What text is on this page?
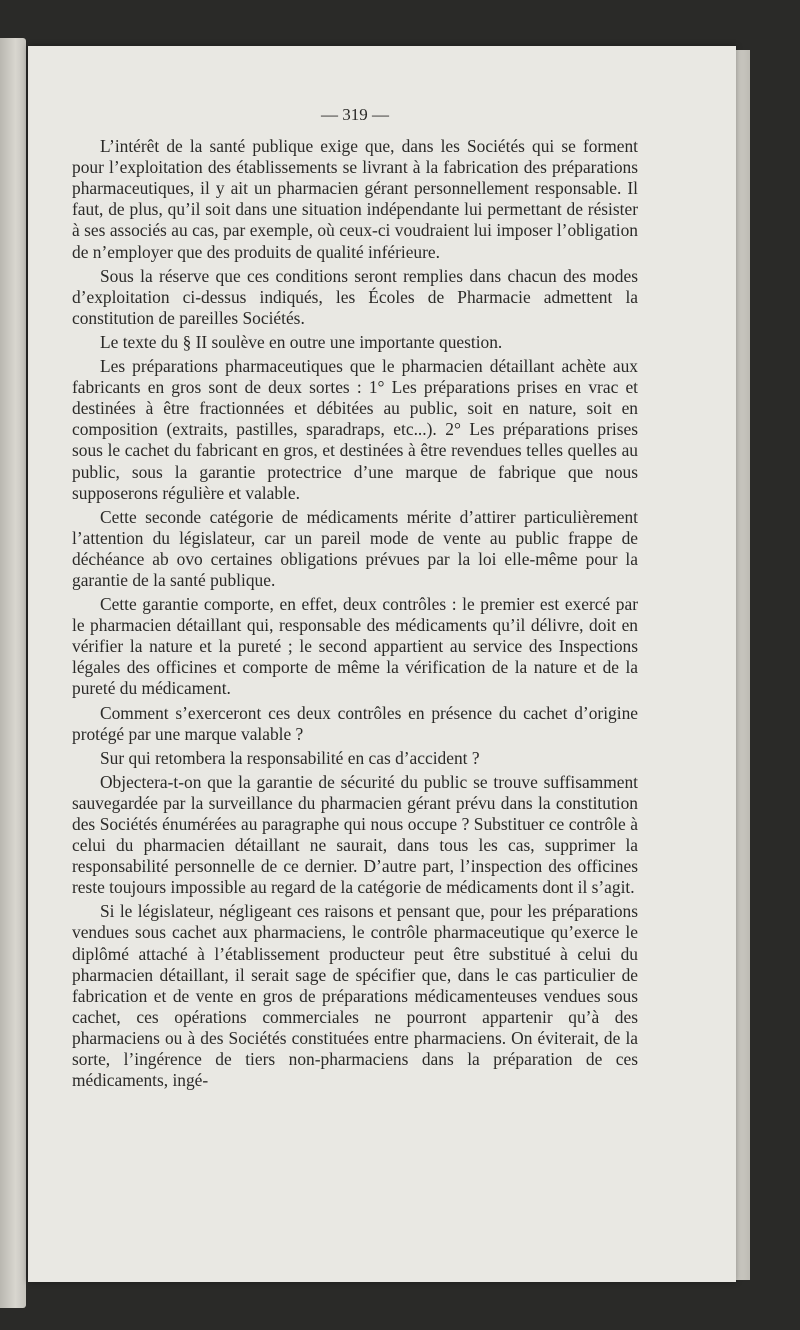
— 319 —

L’intérêt de la santé publique exige que, dans les Sociétés qui se forment pour l’exploitation des établissements se livrant à la fabrication des préparations pharmaceutiques, il y ait un pharmacien gérant personnellement responsable. Il faut, de plus, qu’il soit dans une situation indépendante lui permettant de résister à ses associés au cas, par exemple, où ceux-ci voudraient lui imposer l’obligation de n’employer que des produits de qualité inférieure.

Sous la réserve que ces conditions seront remplies dans chacun des modes d’exploitation ci-dessus indiqués, les Écoles de Pharmacie admettent la constitution de pareilles Sociétés.

Le texte du § II soulève en outre une importante question.

Les préparations pharmaceutiques que le pharmacien détaillant achète aux fabricants en gros sont de deux sortes : 1° Les préparations prises en vrac et destinées à être fractionnées et débitées au public, soit en nature, soit en composition (extraits, pastilles, sparadraps, etc...). 2° Les préparations prises sous le cachet du fabricant en gros, et destinées à être revendues telles quelles au public, sous la garantie protectrice d’une marque de fabrique que nous supposerons régulière et valable.

Cette seconde catégorie de médicaments mérite d’attirer particulièrement l’attention du législateur, car un pareil mode de vente au public frappe de déchéance ab ovo certaines obligations prévues par la loi elle-même pour la garantie de la santé publique.

Cette garantie comporte, en effet, deux contrôles : le premier est exercé par le pharmacien détaillant qui, responsable des médicaments qu’il délivre, doit en vérifier la nature et la pureté ; le second appartient au service des Inspections légales des officines et comporte de même la vérification de la nature et de la pureté du médicament.

Comment s’exerceront ces deux contrôles en présence du cachet d’origine protégé par une marque valable ?

Sur qui retombera la responsabilité en cas d’accident ?

Objectera-t-on que la garantie de sécurité du public se trouve suffisamment sauvegardée par la surveillance du pharmacien gérant prévu dans la constitution des Sociétés énumérées au paragraphe qui nous occupe ? Substituer ce contrôle à celui du pharmacien détaillant ne saurait, dans tous les cas, supprimer la responsabilité personnelle de ce dernier. D’autre part, l’inspection des officines reste toujours impossible au regard de la catégorie de médicaments dont il s’agit.

Si le législateur, négligeant ces raisons et pensant que, pour les préparations vendues sous cachet aux pharmaciens, le contrôle pharmaceutique qu’exerce le diplômé attaché à l’établissement producteur peut être substitué à celui du pharmacien détaillant, il serait sage de spécifier que, dans le cas particulier de fabrication et de vente en gros de préparations médicamenteuses vendues sous cachet, ces opérations commerciales ne pourront appartenir qu’à des pharmaciens ou à des Sociétés constituées entre pharmaciens. On éviterait, de la sorte, l’ingérence de tiers non-pharmaciens dans la préparation de ces médicaments, ingé-
